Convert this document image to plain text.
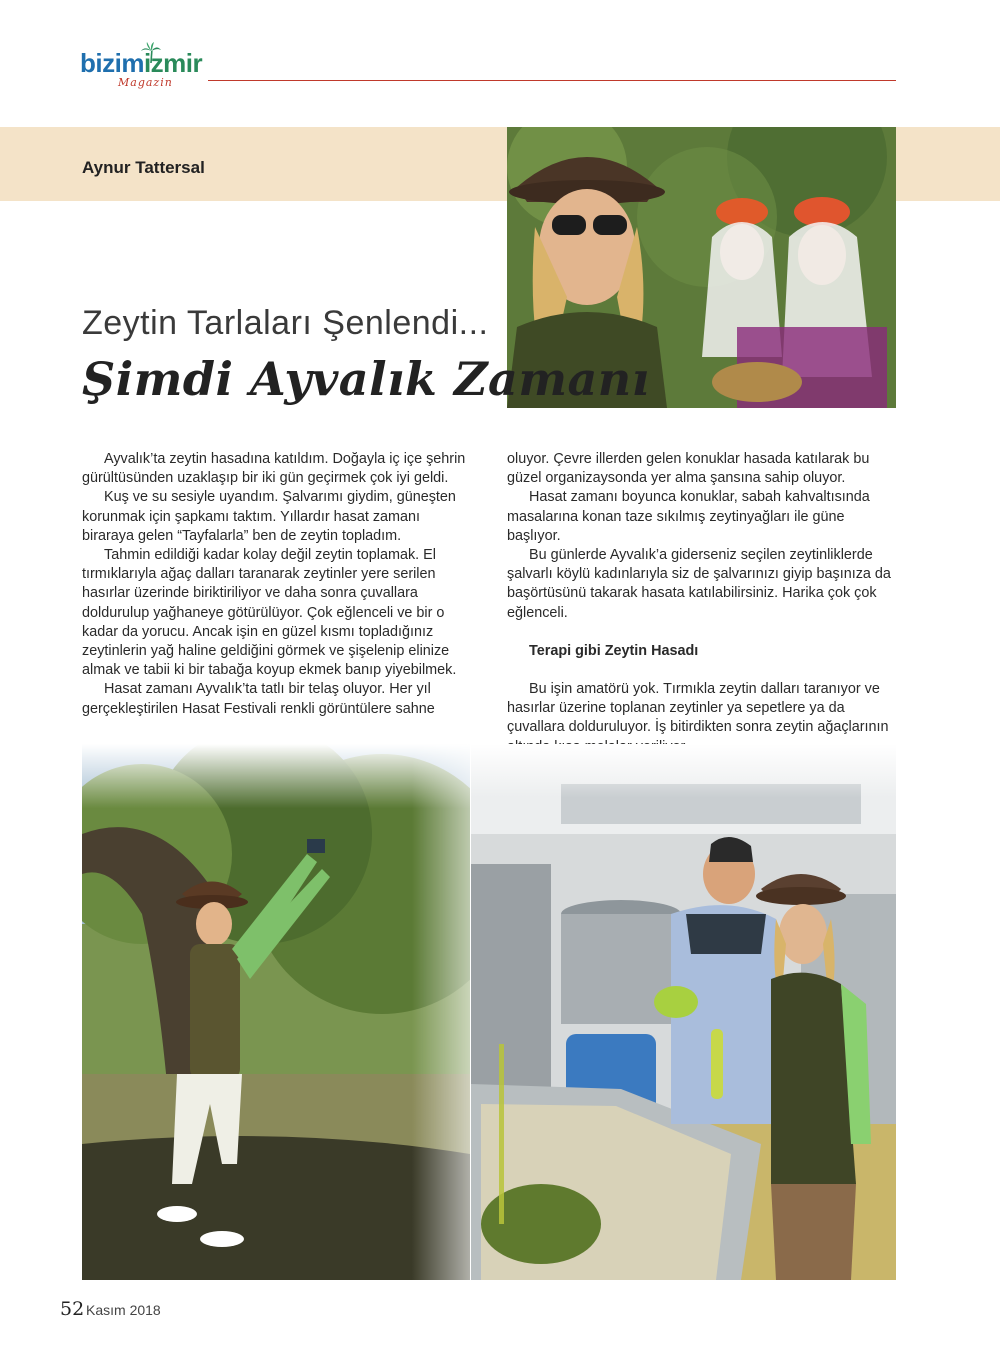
bizimizmir
Magazin
Aynur Tattersal
Zeytin Tarlaları Şenlendi...
Şimdi Ayvalık Zamanı

Ayvalık’ta zeytin hasadına katıldım. Doğayla iç içe şehrin gürültüsünden uzaklaşıp bir iki gün geçirmek çok iyi geldi.

Kuş ve su sesiyle uyandım. Şalvarımı giydim, güneşten korunmak için şapkamı taktım. Yıllardır hasat zamanı biraraya gelen “Tayfalarla” ben de zeytin topladım.

Tahmin edildiği kadar kolay değil zeytin toplamak. El tırmıklarıyla ağaç dalları taranarak zeytinler yere serilen hasırlar üzerinde biriktiriliyor ve daha sonra çuvallara doldurulup yağhaneye götürülüyor. Çok eğlenceli ve bir o kadar da yorucu. Ancak işin en güzel kısmı topladığınız zeytinlerin yağ haline geldiğini görmek ve şişelenip elinize almak ve tabii ki bir tabağa koyup ekmek banıp yiyebilmek.

Hasat zamanı Ayvalık’ta tatlı bir telaş oluyor. Her yıl gerçekleştirilen Hasat Festivali renkli görüntülere sahne

oluyor. Çevre illerden gelen konuklar hasada katılarak bu güzel organizaysonda yer alma şansına sahip oluyor.

Hasat zamanı boyunca konuklar, sabah kahvaltısında masalarına konan taze sıkılmış zeytinyağları ile güne başlıyor.

Bu günlerde Ayvalık’a giderseniz seçilen zeytinliklerde şalvarlı köylü kadınlarıyla siz de şalvarınızı giyip başınıza da başörtüsünü takarak hasata katılabilirsiniz. Harika çok çok eğlenceli.

Terapi gibi Zeytin Hasadı

Bu işin amatörü yok. Tırmıkla zeytin dalları taranıyor ve hasırlar üzerine toplanan zeytinler ya sepetlere ya da çuvallara dolduruluyor. İş bitirdikten sonra zeytin ağaçlarının

52 Kasım 2018
